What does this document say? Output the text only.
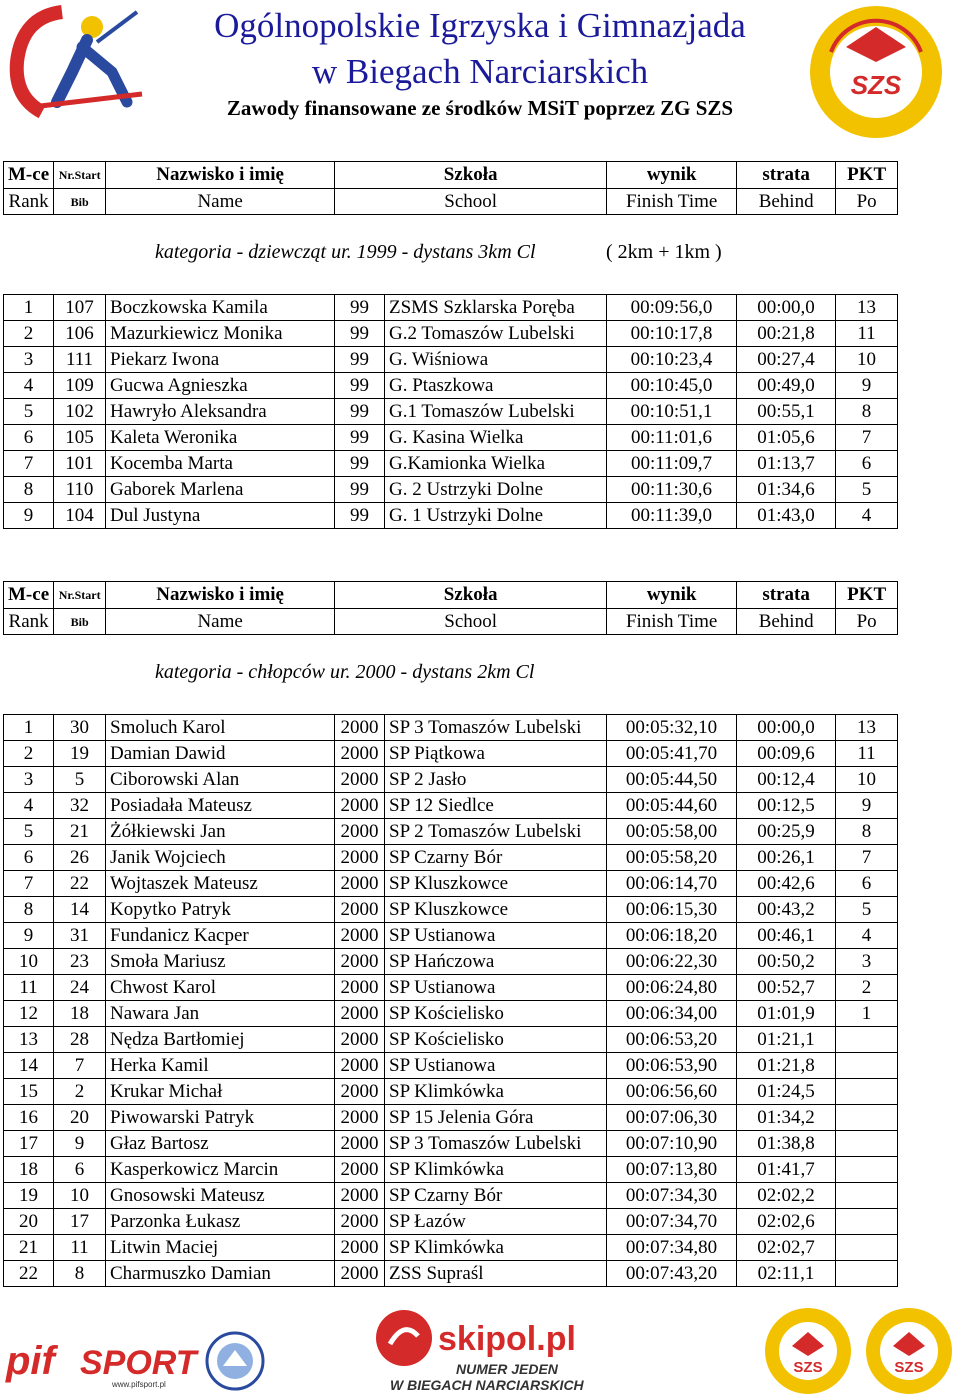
Ogólnopolskie Igrzyska i Gimnazjada
w Biegach Narciarskich
Zawody finansowane ze środków MSiT poprzez ZG SZS
SZS
M-ce	Nr.Start	Nazwisko i imię	Szkoła	wynik	strata	PKT
Rank	Bib	Name	School	Finish Time	Behind	Po
kategoria - dziewcząt ur. 1999 - dystans 3km Cl	( 2km + 1km )
1	107	Boczkowska Kamila	99	ZSMS Szklarska Poręba	00:09:56,0	00:00,0	13
2	106	Mazurkiewicz Monika	99	G.2 Tomaszów Lubelski	00:10:17,8	00:21,8	11
3	111	Piekarz Iwona	99	G. Wiśniowa	00:10:23,4	00:27,4	10
4	109	Gucwa Agnieszka	99	G. Ptaszkowa	00:10:45,0	00:49,0	9
5	102	Hawryło Aleksandra	99	G.1 Tomaszów Lubelski	00:10:51,1	00:55,1	8
6	105	Kaleta Weronika	99	G. Kasina Wielka	00:11:01,6	01:05,6	7
7	101	Kocemba Marta	99	G.Kamionka Wielka	00:11:09,7	01:13,7	6
8	110	Gaborek Marlena	99	G. 2 Ustrzyki Dolne	00:11:30,6	01:34,6	5
9	104	Dul Justyna	99	G. 1 Ustrzyki Dolne	00:11:39,0	01:43,0	4
M-ce	Nr.Start	Nazwisko i imię	Szkoła	wynik	strata	PKT
Rank	Bib	Name	School	Finish Time	Behind	Po
kategoria - chłopców ur. 2000 - dystans 2km Cl
1	30	Smoluch Karol	2000	SP 3 Tomaszów Lubelski	00:05:32,10	00:00,0	13
2	19	Damian Dawid	2000	SP Piątkowa	00:05:41,70	00:09,6	11
3	5	Ciborowski Alan	2000	SP 2 Jasło	00:05:44,50	00:12,4	10
4	32	Posiadała Mateusz	2000	SP 12 Siedlce	00:05:44,60	00:12,5	9
5	21	Żółkiewski Jan	2000	SP 2 Tomaszów Lubelski	00:05:58,00	00:25,9	8
6	26	Janik Wojciech	2000	SP Czarny Bór	00:05:58,20	00:26,1	7
7	22	Wojtaszek Mateusz	2000	SP Kluszkowce	00:06:14,70	00:42,6	6
8	14	Kopytko Patryk	2000	SP Kluszkowce	00:06:15,30	00:43,2	5
9	31	Fundanicz Kacper	2000	SP Ustianowa	00:06:18,20	00:46,1	4
10	23	Smoła Mariusz	2000	SP Hańczowa	00:06:22,30	00:50,2	3
11	24	Chwost Karol	2000	SP Ustianowa	00:06:24,80	00:52,7	2
12	18	Nawara Jan	2000	SP Kościelisko	00:06:34,00	01:01,9	1
13	28	Nędza Bartłomiej	2000	SP Kościelisko	00:06:53,20	01:21,1	
14	7	Herka Kamil	2000	SP Ustianowa	00:06:53,90	01:21,8	
15	2	Krukar Michał	2000	SP Klimkówka	00:06:56,60	01:24,5	
16	20	Piwowarski Patryk	2000	SP 15 Jelenia Góra	00:07:06,30	01:34,2	
17	9	Głaz Bartosz	2000	SP 3 Tomaszów Lubelski	00:07:10,90	01:38,8	
18	6	Kasperkowicz Marcin	2000	SP Klimkówka	00:07:13,80	01:41,7	
19	10	Gnosowski Mateusz	2000	SP Czarny Bór	00:07:34,30	02:02,2	
20	17	Parzonka Łukasz	2000	SP Łazów	00:07:34,70	02:02,6	
21	11	Litwin Maciej	2000	SP Klimkówka	00:07:34,80	02:02,7	
22	8	Charmuszko Damian	2000	ZSS Supraśl	00:07:43,20	02:11,1	
pif SPORT
www.pifsport.pl
skipol.pl
NUMER JEDEN
W BIEGACH NARCIARSKICH
SZS	SZS
